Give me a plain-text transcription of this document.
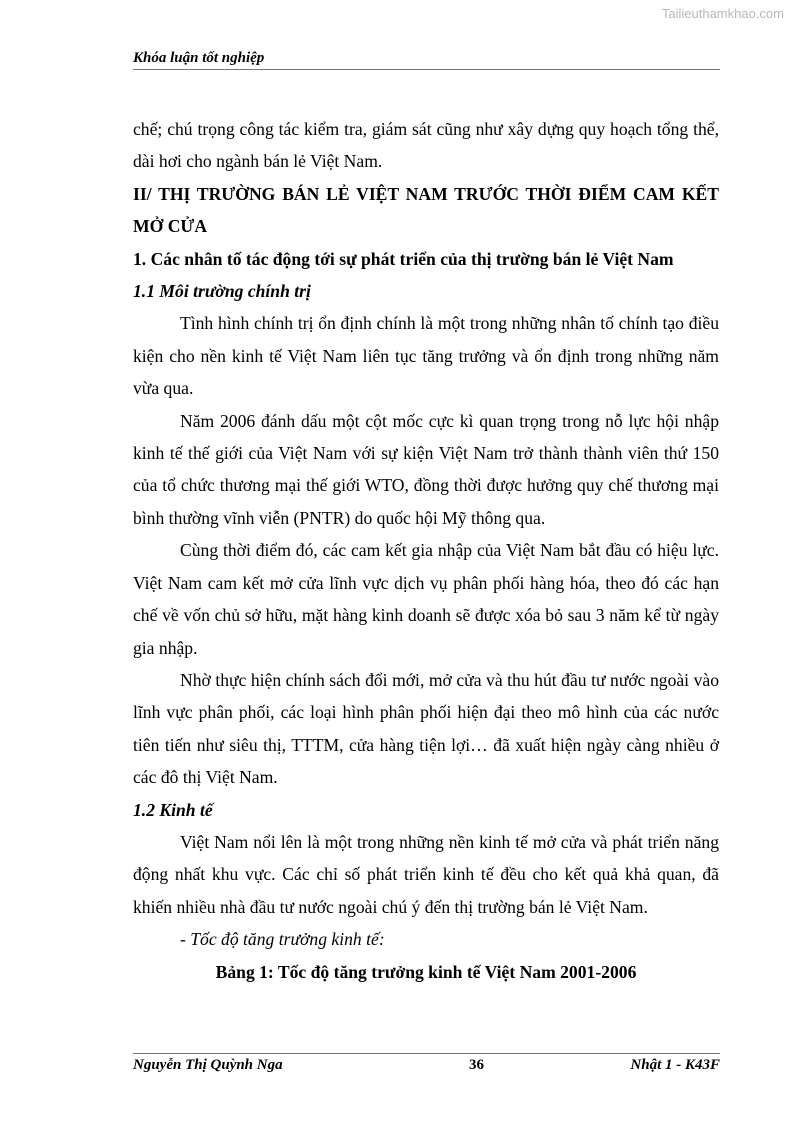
Tailieuthamkhao.com
Khóa luận tốt nghiệp

chế; chú trọng công tác kiểm tra, giám sát cũng như xây dựng quy hoạch tổng thể, dài hơi cho ngành bán lẻ Việt Nam.

II/ THỊ TRƯỜNG BÁN LẺ VIỆT NAM TRƯỚC THỜI ĐIỂM CAM KẾT MỞ CỬA

1. Các nhân tố tác động tới sự phát triển của thị trường bán lẻ Việt Nam

1.1 Môi trường chính trị

Tình hình chính trị ổn định chính là một trong những nhân tố chính tạo điều kiện cho nền kinh tế Việt Nam liên tục tăng trưởng và ổn định trong những năm vừa qua.

Năm 2006 đánh dấu một cột mốc cực kì quan trọng trong nỗ lực hội nhập kinh tế thế giới của Việt Nam với sự kiện Việt Nam trở thành thành viên thứ 150 của tổ chức thương mại thế giới WTO, đồng thời được hưởng quy chế thương mại bình thường vĩnh viễn (PNTR) do quốc hội Mỹ thông qua.

Cùng thời điểm đó, các cam kết gia nhập của Việt Nam bắt đầu có hiệu lực. Việt Nam cam kết mở cửa lĩnh vực dịch vụ phân phối hàng hóa, theo đó các hạn chế về vốn chủ sở hữu, mặt hàng kinh doanh sẽ được xóa bỏ sau 3 năm kể từ ngày gia nhập.

Nhờ thực hiện chính sách đổi mới, mở cửa và thu hút đầu tư nước ngoài vào lĩnh vực phân phối, các loại hình phân phối hiện đại theo mô hình của các nước tiên tiến như siêu thị, TTTM, cửa hàng tiện lợi… đã xuất hiện ngày càng nhiều ở các đô thị Việt Nam.

1.2 Kinh tế

Việt Nam nổi lên là một trong những nền kinh tế mở cửa và phát triển năng động nhất khu vực. Các chỉ số phát triển kinh tế đều cho kết quả khả quan, đã khiến nhiều nhà đầu tư nước ngoài chú ý đến thị trường bán lẻ Việt Nam.

- Tốc độ tăng trưởng kinh tế:

Bảng 1: Tốc độ tăng trưởng kinh tế Việt Nam 2001-2006

Nguyễn Thị Quỳnh Nga	36	Nhật 1 - K43F
